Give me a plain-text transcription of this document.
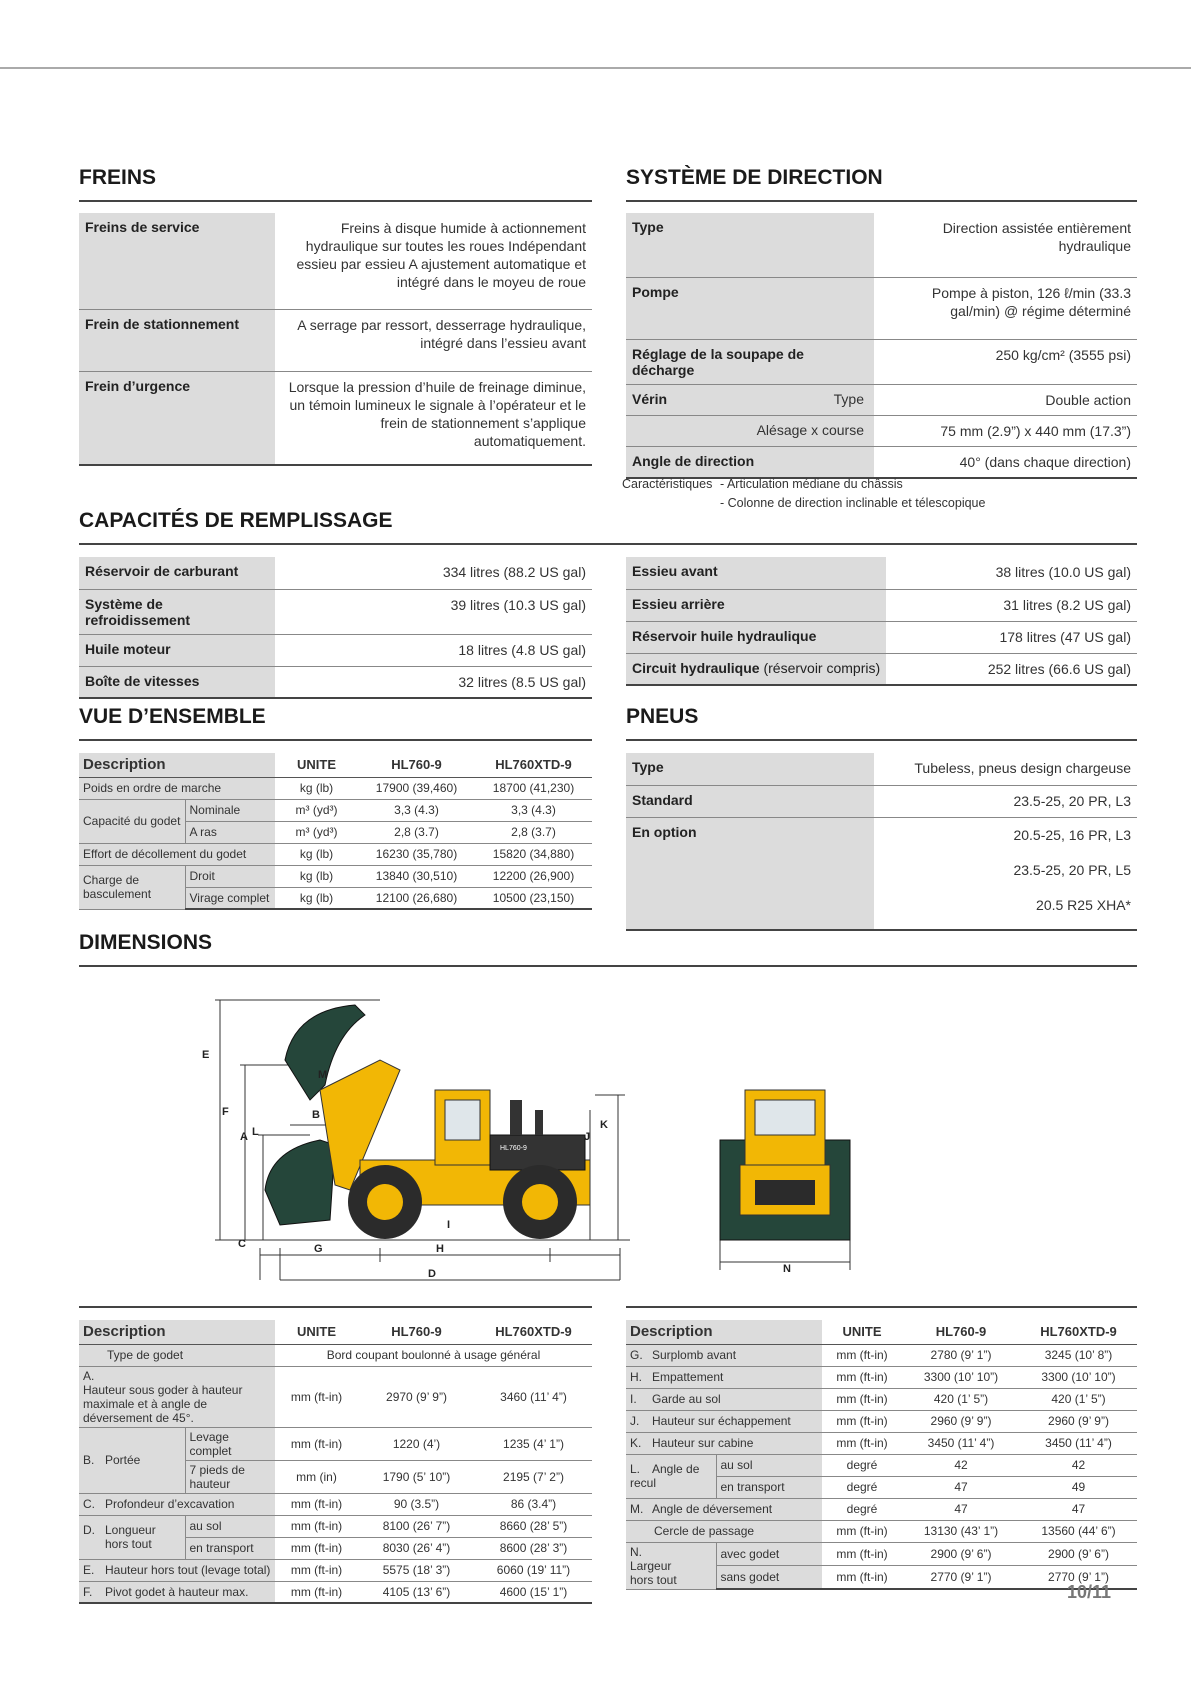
FREINS
Freins de service	Freins à disque humide à actionnement hydraulique sur toutes les roues Indépendant essieu par essieu A ajustement automatique et intégré dans le moyeu de roue
Frein de stationnement	A serrage par ressort, desserrage hydraulique, intégré dans l’essieu avant
Frein d’urgence	Lorsque la pression d’huile de freinage diminue, un témoin lumineux le signale à l’opérateur et le frein de stationnement s’applique automatiquement.
SYSTÈME DE DIRECTION
Type	Direction assistée entièrement hydraulique
Pompe	Pompe à piston, 126 ℓ/min (33.3 gal/min) @ régime déterminé
Réglage de la soupape de décharge	250 kg/cm² (3555 psi)
Vérin Type	Double action
Alésage x course	75 mm (2.9”) x 440 mm (17.3”)
Angle de direction	40° (dans chaque direction)
Caractéristiques - Articulation médiane du châssis
- Colonne de direction inclinable et télescopique
CAPACITÉS DE REMPLISSAGE
Réservoir de carburant	334 litres (88.2 US gal)
Système de refroidissement	39 litres (10.3 US gal)
Huile moteur	18 litres (4.8 US gal)
Boîte de vitesses	32 litres (8.5 US gal)
Essieu avant	38 litres (10.0 US gal)
Essieu arrière	31 litres (8.2 US gal)
Réservoir huile hydraulique	178 litres (47 US gal)
Circuit hydraulique (réservoir compris)	252 litres (66.6 US gal)
VUE D’ENSEMBLE
Description		UNITE	HL760-9	HL760XTD-9
Poids en ordre de marche		kg (lb)	17900 (39,460)	18700 (41,230)
Capacité du godet	Nominale	m³ (yd³)	3,3 (4.3)	3,3 (4.3)
	A ras	m³ (yd³)	2,8 (3.7)	2,8 (3.7)
Effort de décollement du godet		kg (lb)	16230 (35,780)	15820 (34,880)
Charge de basculement	Droit	kg (lb)	13840 (30,510)	12200 (26,900)
	Virage complet	kg (lb)	12100 (26,680)	10500 (23,150)
PNEUS
Type	Tubeless, pneus design chargeuse
Standard	23.5-25, 20 PR, L3
En option	20.5-25, 16 PR, L3
23.5-25, 20 PR, L5
20.5 R25 XHA*
DIMENSIONS
HL760-9
E
F
A L
M
B
C	G	H
D
I
J
K
N
Description		UNITE	HL760-9	HL760XTD-9
Type de godet		Bord coupant boulonné à usage général		
A.Hauteur sous goder à hauteur maximale et à angle de déversement de 45°.		mm (ft-in)	2970 (9’ 9”)	3460 (11’ 4”)
B. Portée	Levage complet	mm (ft-in)	1220 (4’)	1235 (4’ 1”)
	7 pieds de hauteur	mm (in)	1790 (5’ 10”)	2195 (7’ 2”)
C. Profondeur d’excavation		mm (ft-in)	90 (3.5”)	86 (3.4”)
D. Longueur hors tout	au sol	mm (ft-in)	8100 (26’ 7”)	8660 (28’ 5”)
	en transport	mm (ft-in)	8030 (26’ 4”)	8600 (28’ 3”)
E. Hauteur hors tout (levage total)		mm (ft-in)	5575 (18’ 3”)	6060 (19’ 11”)
F. Pivot godet à hauteur max.		mm (ft-in)	4105 (13’ 6”)	4600 (15’ 1”)
Description		UNITE	HL760-9	HL760XTD-9
G. Surplomb avant		mm (ft-in)	2780 (9’ 1”)	3245 (10’ 8”)
H. Empattement		mm (ft-in)	3300 (10’ 10”)	3300 (10’ 10”)
I. Garde au sol		mm (ft-in)	420 (1’ 5”)	420 (1’ 5”)
J. Hauteur sur échappement		mm (ft-in)	2960 (9’ 9”)	2960 (9’ 9”)
K. Hauteur sur cabine		mm (ft-in)	3450 (11’ 4”)	3450 (11’ 4”)
L. Angle de recul	au sol	degré	42	42
	en transport	degré	47	49
M. Angle de déversement		degré	47	47
Cercle de passage		mm (ft-in)	13130 (43’ 1”)	13560 (44’ 6”)
N.Largeur hors tout	avec godet	mm (ft-in)	2900 (9’ 6”)	2900 (9’ 6”)
	sans godet	mm (ft-in)	2770 (9’ 1”)	2770 (9’ 1”)
10/11
